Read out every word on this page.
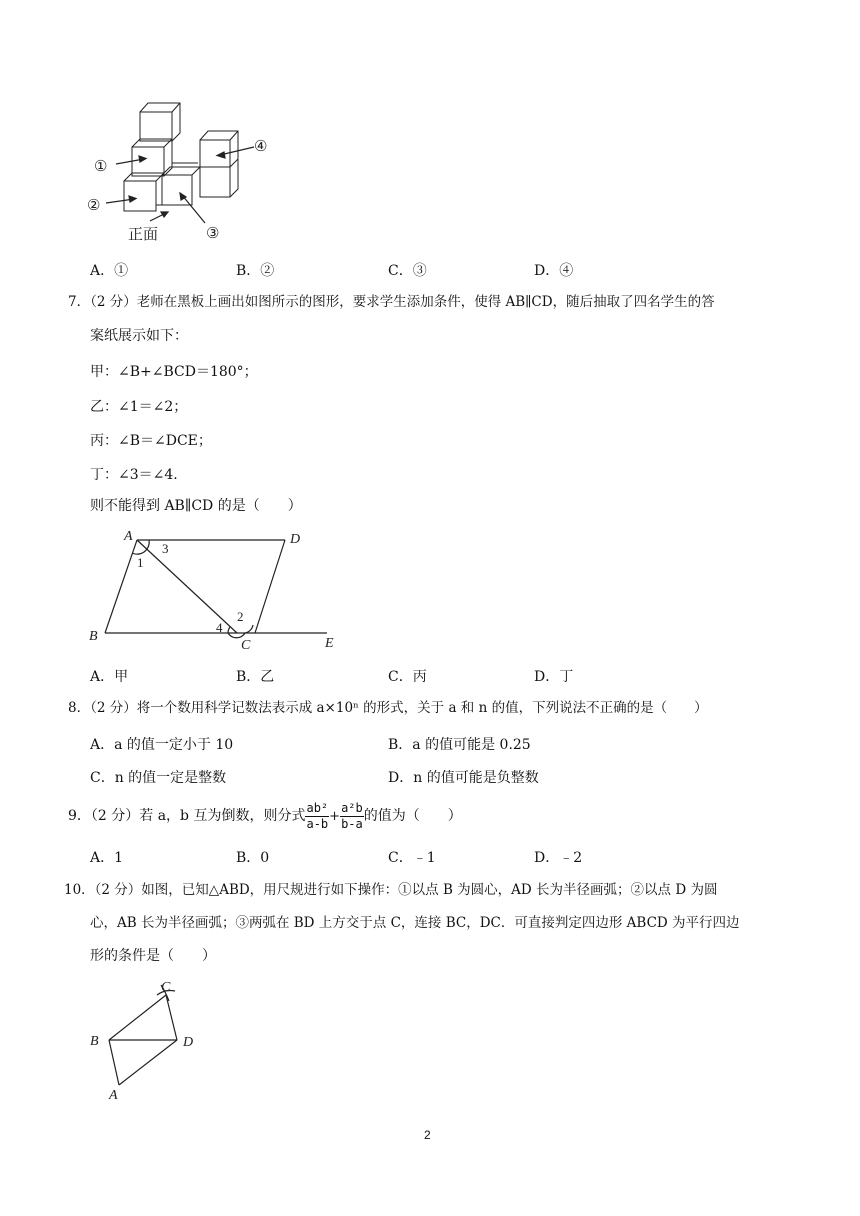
①
②
③
④
正面
A．①	B．②	C．③	D．④
7．（2 分）老师在黑板上画出如图所示的图形，要求学生添加条件，使得 AB∥CD，随后抽取了四名学生的答
案纸展示如下：
甲：∠B+∠BCD＝180°；
乙：∠1＝∠2；
丙：∠B＝∠DCE；
丁：∠3＝∠4.
则不能得到 AB∥CD 的是（　　）
A	D
B
C	E
1
3
2
4
A．甲	B．乙	C．丙	D．丁
8．（2 分）将一个数用科学记数法表示成 a×10ⁿ 的形式，关于 a 和 n 的值，下列说法不正确的是（　　）
A．a 的值一定小于 10	B．a 的值可能是 0.25
C．n 的值一定是整数	D．n 的值可能是负整数
9．（2 分）若 a，b 互为倒数，则分式 $\frac{\text{ab²}}{a-b} + \frac{\text{a²b}}{b-a}$ 的值为（　　）
A．1	B．0	C．﹣1	D．﹣2
10．（2 分）如图，已知△ABD，用尺规进行如下操作：①以点 B 为圆心，AD 长为半径画弧；②以点 D 为圆
心，AB 长为半径画弧；③两弧在 BD 上方交于点 C，连接 BC，DC．可直接判定四边形 ABCD 为平行四边
形的条件是（　　）
C
B	D
A
2
